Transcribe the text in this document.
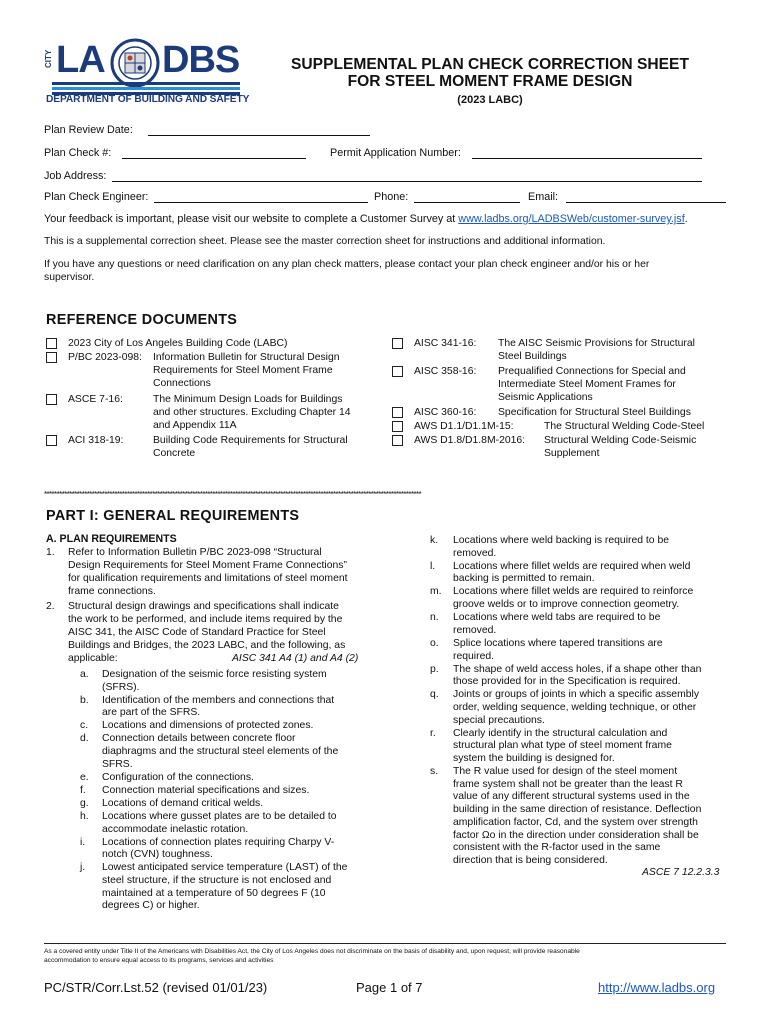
CITY LA DBS
DEPARTMENT OF BUILDING AND SAFETY
SUPPLEMENTAL PLAN CHECK CORRECTION SHEET
FOR STEEL MOMENT FRAME DESIGN
(2023 LABC)
Plan Review Date:
Plan Check #:	Permit Application Number:
Job Address:
Plan Check Engineer:	Phone:	Email:
Your feedback is important, please visit our website to complete a Customer Survey at www.ladbs.org/LADBSWeb/customer-survey.jsf.
This is a supplemental correction sheet. Please see the master correction sheet for instructions and additional information.
If you have any questions or need clarification on any plan check matters, please contact your plan check engineer and/or his or her
supervisor.
REFERENCE DOCUMENTS
2023 City of Los Angeles Building Code (LABC)
P/BC 2023-098: Information Bulletin for Structural Design
Requirements for Steel Moment Frame
Connections
ASCE 7-16:	The Minimum Design Loads for Buildings
and other structures. Excluding Chapter 14
and Appendix 11A
ACI 318-19:	Building Code Requirements for Structural
Concrete
AISC 341-16: The AISC Seismic Provisions for Structural
Steel Buildings
AISC 358-16: Prequalified Connections for Special and
Intermediate Steel Moment Frames for
Seismic Applications
AISC 360-16: Specification for Structural Steel Buildings
AWS D1.1/D1.1M-15:	The Structural Welding Code-Steel
AWS D1.8/D1.8M-2016: Structural Welding Code-Seismic
Supplement
******************************************************************************************************************************************************
PART I: GENERAL REQUIREMENTS
A. PLAN REQUIREMENTS
1. Refer to Information Bulletin P/BC 2023-098 “Structural
Design Requirements for Steel Moment Frame Connections”
for qualification requirements and limitations of steel moment
frame connections.
2. Structural design drawings and specifications shall indicate
the work to be performed, and include items required by the
AISC 341, the AISC Code of Standard Practice for Steel
Buildings and Bridges, the 2023 LABC, and the following, as
applicable:	AISC 341 A4 (1) and A4 (2)
a. Designation of the seismic force resisting system
(SFRS).
b. Identification of the members and connections that
are part of the SFRS.
c. Locations and dimensions of protected zones.
d. Connection details between concrete floor
diaphragms and the structural steel elements of the
SFRS.
e. Configuration of the connections.
f. Connection material specifications and sizes.
g. Locations of demand critical welds.
h. Locations where gusset plates are to be detailed to
accommodate inelastic rotation.
i. Locations of connection plates requiring Charpy V-
notch (CVN) toughness.
j. Lowest anticipated service temperature (LAST) of the
steel structure, if the structure is not enclosed and
maintained at a temperature of 50 degrees F (10
degrees C) or higher.
k. Locations where weld backing is required to be
removed.
l. Locations where fillet welds are required when weld
backing is permitted to remain.
m. Locations where fillet welds are required to reinforce
groove welds or to improve connection geometry.
n. Locations where weld tabs are required to be
removed.
o. Splice locations where tapered transitions are
required.
p. The shape of weld access holes, if a shape other than
those provided for in the Specification is required.
q. Joints or groups of joints in which a specific assembly
order, welding sequence, welding technique, or other
special precautions.
r. Clearly identify in the structural calculation and
structural plan what type of steel moment frame
system the building is designed for.
s. The R value used for design of the steel moment
frame system shall not be greater than the least R
value of any different structural systems used in the
building in the same direction of resistance. Deflection
amplification factor, Cd, and the system over strength
factor Ωo in the direction under consideration shall be
consistent with the R-factor used in the same
direction that is being considered.
ASCE 7 12.2.3.3
As a covered entity under Title II of the Americans with Disabilities Act, the City of Los Angeles does not discriminate on the basis of disability and, upon request, will provide reasonable
accommodation to ensure equal access to its programs, services and activities
PC/STR/Corr.Lst.52 (revised 01/01/23)	Page 1 of 7	http://www.ladbs.org
